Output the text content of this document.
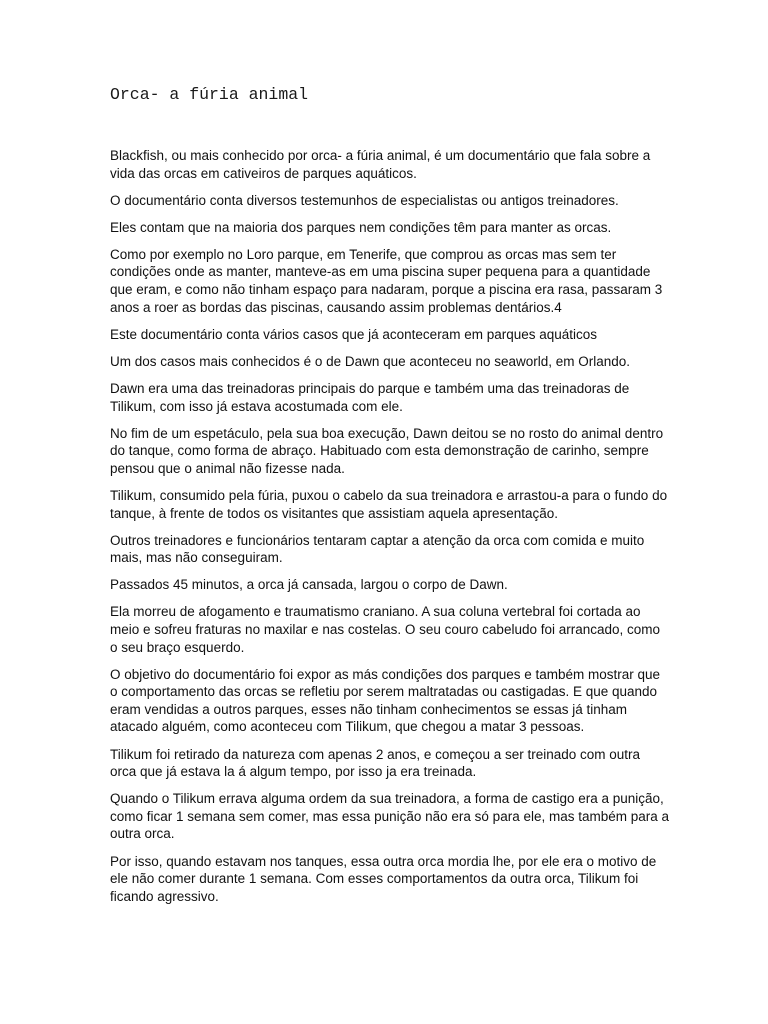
Orca- a fúria animal

Blackfish, ou mais conhecido por orca- a fúria animal, é um documentário que fala sobre a vida das orcas em cativeiros de parques aquáticos.

O documentário conta diversos testemunhos de especialistas ou antigos treinadores.

Eles contam que na maioria dos parques nem condições têm para manter as orcas.

Como por exemplo no Loro parque, em Tenerife, que comprou as orcas mas sem ter condições onde as manter, manteve-as em uma piscina super pequena para a quantidade que eram, e como não tinham espaço para nadaram, porque a piscina era rasa, passaram 3 anos a roer as bordas das piscinas, causando assim problemas dentários.4

Este documentário conta vários casos que já aconteceram em parques aquáticos

Um dos casos mais conhecidos é o de Dawn que aconteceu no seaworld, em Orlando.

Dawn era uma das treinadoras principais do parque e também uma das treinadoras de Tilikum, com isso já estava acostumada com ele.

No fim de um espetáculo, pela sua boa execução, Dawn deitou se no rosto do animal dentro do tanque, como forma de abraço. Habituado com esta demonstração de carinho, sempre pensou que o animal não fizesse nada.

Tilikum, consumido pela fúria, puxou o cabelo da sua treinadora e arrastou-a para o fundo do tanque, à frente de todos os visitantes que assistiam aquela apresentação.

Outros treinadores e funcionários tentaram captar a atenção da orca com comida e muito mais, mas não conseguiram.

Passados 45 minutos, a orca já cansada, largou o corpo de Dawn.

Ela morreu de afogamento e traumatismo craniano. A sua coluna vertebral foi cortada ao meio e sofreu fraturas no maxilar e nas costelas. O seu couro cabeludo foi arrancado, como o seu braço esquerdo.

O objetivo do documentário foi expor as más condições dos parques e também mostrar que o comportamento das orcas se refletiu por serem maltratadas ou castigadas. E que quando eram vendidas a outros parques, esses não tinham conhecimentos se essas já tinham atacado alguém, como aconteceu com Tilikum, que chegou a matar 3 pessoas.

Tilikum foi retirado da natureza com apenas 2 anos, e começou a ser treinado com outra orca que já estava la á algum tempo, por isso ja era treinada.

Quando o Tilikum errava alguma ordem da sua treinadora, a forma de castigo era a punição, como ficar 1 semana sem comer, mas essa punição não era só para ele, mas também para a outra orca.

Por isso, quando estavam nos tanques, essa outra orca mordia lhe, por ele era o motivo de ele não comer durante 1 semana. Com esses comportamentos da outra orca, Tilikum foi ficando agressivo.
